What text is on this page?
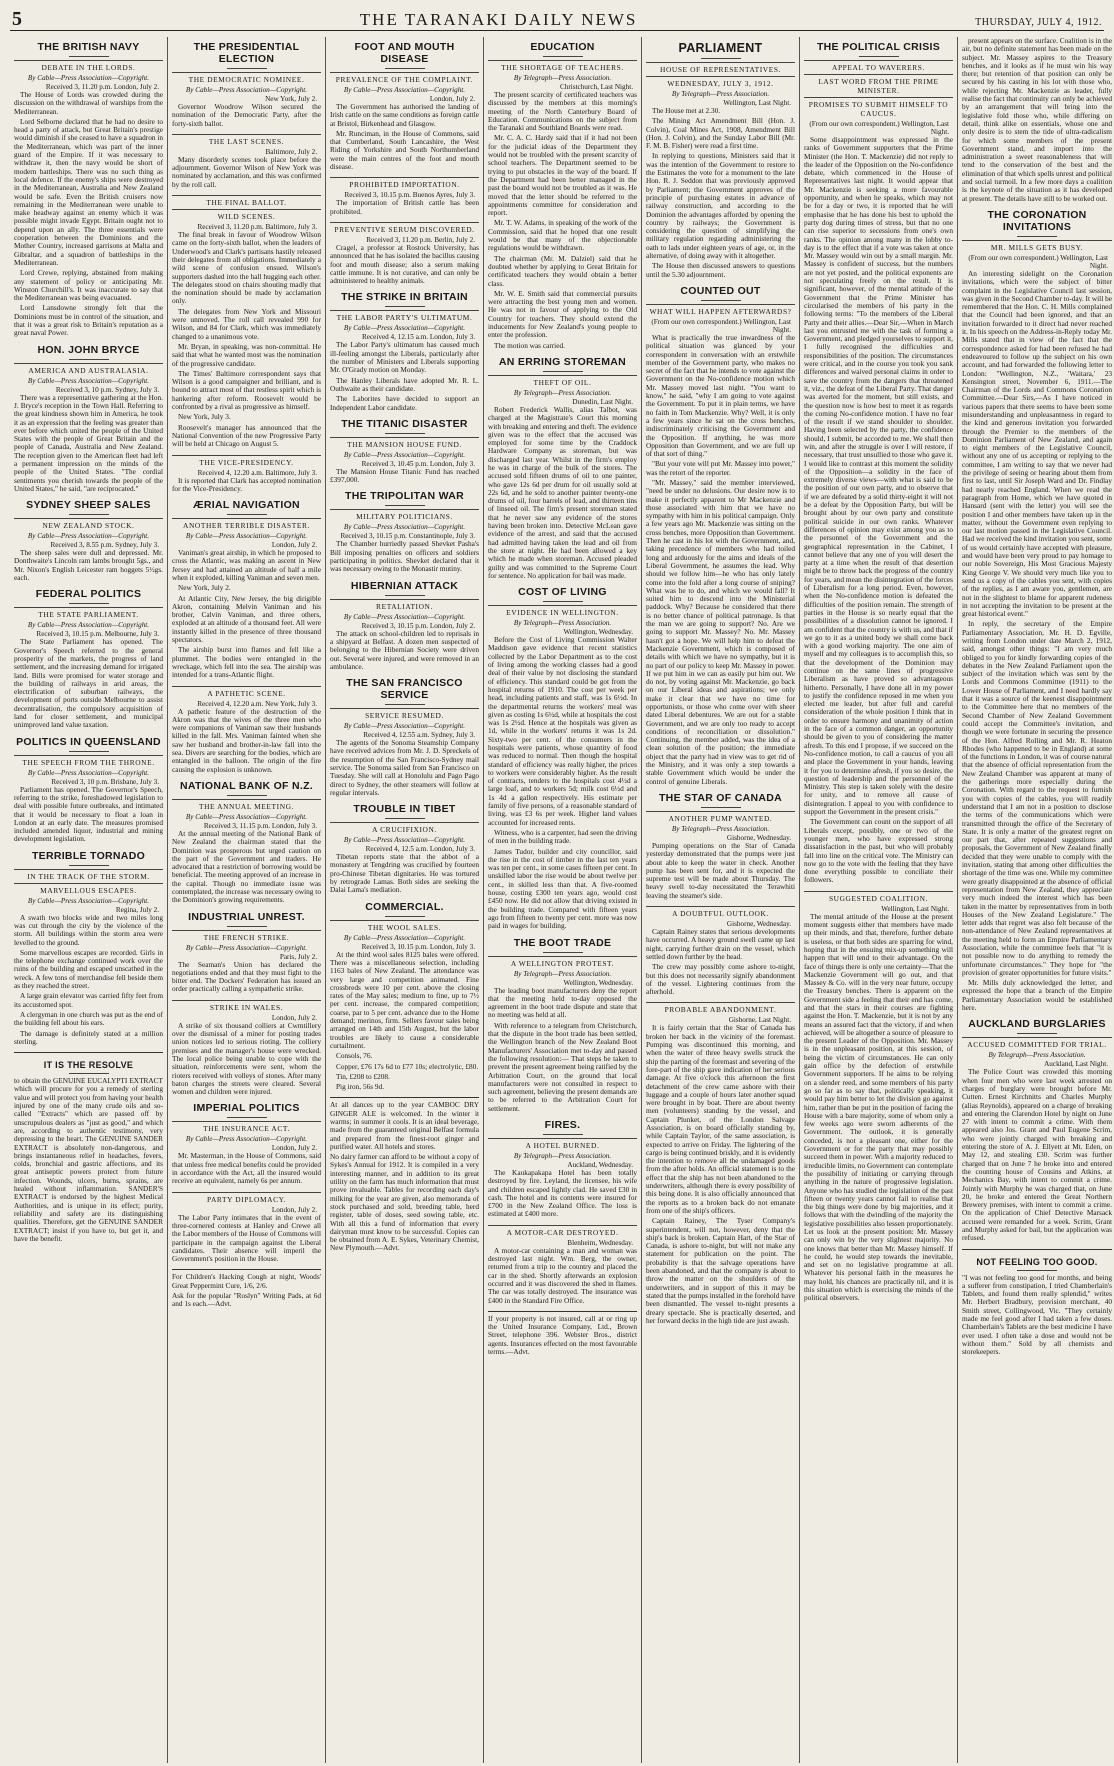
5	THE TARANAKI DAILY NEWS	THURSDAY, JULY 4, 1912.
THE BRITISH NAVY
DEBATE IN THE LORDS.
By Cable—Press Association—Copyright.
Received 3, 11.20 p.m. London, July 2.

The House of Lords was crowded during the discussion on the withdrawal of warships from the Mediterranean.

Lord Selborne declared that he had no desire to head a party of attack, but Great Britain's prestige would diminish if she ceased to have a squadron in the Mediterranean, which was part of the inner guard of the Empire. If it was necessary to withdraw it, then the navy would be short of modern battleships. There was no such thing as local defence. If the enemy's ships were destroyed in the Mediterranean, Australia and New Zealand would be safe. Even the British cruisers now remaining in the Mediterranean were unable to make headway against an enemy which it was possible might invade Egypt. Britain ought not to depend upon an ally. The three essentials were cooperation between the Dominions and the Mother Country, increased garrisons at Malta and Gibraltar, and a squadron of battleships in the Mediterranean.

Lord Crewe, replying, abstained from making any statement of policy or anticipating Mr. Winston Churchill's. It was inaccurate to say that the Mediterranean was being evacuated.

Lord Lansdowne strongly felt that the Dominions must be in control of the situation, and that it was a great risk to Britain's reputation as a great naval Power.

HON. JOHN BRYCE
AMERICA AND AUSTRALASIA.
By Cable—Press Association—Copyright.
Received 3, 10 p.m. Sydney, July 3.

There was a representative gathering at the Hon. J. Bryce's reception in the Town Hall. Referring to the great kindness shown him in America, he took it as an expression that the feeling was greater than ever before which united the people of the United States with the people of Great Britain and the people of Canada, Australia and New Zealand. The reception given to the American fleet had left a permanent impression on the minds of the people of the United States. "The cordial sentiments you cherish towards the people of the United States," he said, "are reciprocated."

SYDNEY SHEEP SALES
NEW ZEALAND STOCK.
By Cable—Press Association—Copyright.
Received 3, 8.55 p.m. Sydney, July 3.

The sheep sales were dull and depressed. Mr. Donthwaite's Lincoln ram lambs brought 5gs., and Mr. Nixon's English Leicester ram hoggets 5½gs. each.

FEDERAL POLITICS
THE STATE PARLIAMENT.
By Cable—Press Association—Copyright.
Received 3, 10.15 p.m. Melbourne, July 3.

The State Parliament has opened. The Governor's Speech referred to the general prosperity of the markets, the progress of land settlement, and the increasing demand for irrigated land. Bills were promised for water storage and the building of railways in arid areas, the electrification of suburban railways, the development of ports outside Melbourne to assist decentralisation, the compulsory acquisition of land for closer settlement, and municipal unimproved land value taxation.

POLITICS IN QUEENSLAND
THE SPEECH FROM THE THRONE.
By Cable—Press Association—Copyright.
Received 3, 10 p.m. Brisbane, July 3.

Parliament has opened. The Governor's Speech, referring to the strike, foreshadowed legislation to deal with possible future outbreaks, and intimated that it would be necessary to float a loan in London at an early date. The measures promised included amended liquor, industrial and mining development legislation.

TERRIBLE TORNADO
IN THE TRACK OF THE STORM.
MARVELLOUS ESCAPES.
By Cable—Press Association—Copyright.
Regina, July 2.

A swath two blocks wide and two miles long was cut through the city by the violence of the storm. All buildings within the storm area were levelled to the ground.

Some marvellous escapes are recorded. Girls in the telephone exchange continued work over the ruins of the building and escaped unscathed in the wreck. A few tons of merchandise fell beside them as they reached the street.

A large grain elevator was carried fifty feet from its accustomed spot.

A clergyman in one church was put as the end of the building fell about his ears.

The damage is definitely stated at a million sterling.

IT IS THE RESOLVE

to obtain the GENUINE EUCALYPTI EXTRACT which will procure for you a remedy of sterling value and will protect you from having your health injured by one of the many crude oils and so-called "Extracts" which are passed off by unscrupulous dealers as "just as good," and which are, according to authentic testimony, very depressing to the heart. The GENUINE SANDER EXTRACT is absolutely non-dangerous, and brings instantaneous relief in headaches, fevers, colds, bronchial and gastric affections, and its great antiseptic powers protect from future infection. Wounds, ulcers, burns, sprains, are healed without inflammation. SANDER'S EXTRACT is endorsed by the highest Medical Authorities, and is unique in its effect; purity, reliability and safety are its distinguishing qualities. Therefore, get the GENUINE SANDER EXTRACT; insist if you have to, but get it, and have the benefit.

THE PRESIDENTIAL ELECTION
THE DEMOCRATIC NOMINEE.
By Cable—Press Association—Copyright.
New York, July 2.

Governor Woodrow Wilson secured the nomination of the Democratic Party, after the forty-sixth ballot.

THE LAST SCENES.
Baltimore, July 2.

Many disorderly scenes took place before the adjournment. Governor Wilson of New York was nominated by acclamation, and this was confirmed by the roll call.

THE FINAL BALLOT.
WILD SCENES.
Received 3, 11.20 p.m. Baltimore, July 3.

The final break in favour of Woodrow Wilson came on the forty-sixth ballot, when the leaders of Underwood's and Clark's partisans hastily released their delegates from all obligations. Immediately a wild scene of confusion ensued. Wilson's supporters dashed into the hall hugging each other. The delegates stood on chairs shouting madly that the nomination should be made by acclamation only.

The delegates from New York and Missouri were unmoved. The roll call revealed 990 for Wilson, and 84 for Clark, which was immediately changed to a unanimous vote.

Mr. Bryan, in speaking, was non-committal. He said that what he wanted most was the nomination of the progressive candidate.

The Times' Baltimore correspondent says that Wilson is a good campaigner and brilliant, and is bound to attract most of that restless spirit which is hankering after reform. Roosevelt would be confronted by a rival as progressive as himself.

New York, July 3.

Roosevelt's manager has announced that the National Convention of the new Progressive Party will be held at Chicago on August 5.

THE VICE-PRESIDENCY.
Received 4, 12.20 a.m. Baltimore, July 3.

It is reported that Clark has accepted nomination for the Vice-Presidency.

ÆRIAL NAVIGATION
ANOTHER TERRIBLE DISASTER.
By Cable—Press Association—Copyright.
London, July 2.

Vaniman's great airship, in which he proposed to cross the Atlantic, was making an ascent in New Jersey and had attained an altitude of half a mile when it exploded, killing Vaniman and seven men.

New York, July 2.

At Atlantic City, New Jersey, the big dirigible Akron, containing Melvin Vaniman and his brother, Calvin Vaniman, and three others, exploded at an altitude of a thousand feet. All were instantly killed in the presence of three thousand spectators.

The airship burst into flames and fell like a plummet. The bodies were entangled in the wreckage, which fell into the sea. The airship was intended for a trans-Atlantic flight.

A PATHETIC SCENE.
Received 4, 12.20 a.m. New York, July 3.

A pathetic feature of the destruction of the Akron was that the wives of the three men who were companions of Vaniman saw their husbands killed in the fall. Mrs. Vaniman fainted when she saw her husband and brother-in-law fall into the sea. Divers are searching for the bodies, which are entangled in the balloon. The origin of the fire causing the explosion is unknown.

NATIONAL BANK OF N.Z.
THE ANNUAL MEETING.
By Cable—Press Association—Copyright.
Received 3, 11.15 p.m. London, July 3.

At the annual meeting of the National Bank of New Zealand the chairman stated that the Dominion was prosperous but urged caution on the part of the Government and traders. He advocated that a restriction of borrowing would be beneficial. The meeting approved of an increase in the capital. Though no immediate issue was contemplated, the increase was necessary owing to the Dominion's growing requirements.

INDUSTRIAL UNREST.
THE FRENCH STRIKE.
By Cable—Press Association—Copyright.
Paris, July 2.

The Seaman's Union has declared the negotiations ended and that they must fight to the bitter end. The Dockers' Federation has issued an order practically calling a sympathetic strike.

STRIKE IN WALES.
London, July 2.

A strike of six thousand colliers at Cwmtillery over the dismissal of a miner for posting trades union notices led to serious rioting. The colliery premises and the manager's house were wrecked. The local police being unable to cope with the situation, reinforcements were sent, whom the rioters received with volleys of stones. After many baton charges the streets were cleared. Several women and children were injured.

IMPERIAL POLITICS
THE INSURANCE ACT.
By Cable—Press Association—Copyright.
London, July 2.

Mr. Masterman, in the House of Commons, said that unless free medical benefits could be provided in accordance with the Act, all the insured would receive an equivalent, namely 6s per annum.

PARTY DIPLOMACY.
London, July 2.

The Labor Party intimates that in the event of three-cornered contests at Hanley and Crewe all the Labor members of the House of Commons will participate in the campaign against the Liberal candidates. Their absence will imperil the Government's position in the House.

For Children's Hacking Cough at night, Woods' Great Peppermint Cure, 1/6, 2/6.

Ask for the popular "Roslyn" Writing Pads, at 6d and 1s each.—Advt.

FOOT AND MOUTH DISEASE
PREVALENCE OF THE COMPLAINT.
By Cable—Press Association—Copyright.
London, July 2.

The Government has authorised the landing of Irish cattle on the same conditions as foreign cattle at Bristol, Birkenhead and Glasgow.

Mr. Runciman, in the House of Commons, said that Cumberland, South Lancashire, the West Riding of Yorkshire and South Northumberland were the main centres of the foot and mouth disease.

PROHIBITED IMPORTATION.
Received 3, 10.15 p.m. Buenos Ayres, July 3.

The importation of British cattle has been prohibited.

PREVENTIVE SERUM DISCOVERED.
Received 3, 11.20 p.m. Berlin, July 2.

Cragel, a professor at Rostock University, has announced that he has isolated the bacillus causing foot and mouth disease; also a serum making cattle immune. It is not curative, and can only be administered to healthy animals.

THE STRIKE IN BRITAIN
THE LABOR PARTY'S ULTIMATUM.
By Cable—Press Association—Copyright.
Received 4, 12.15 a.m. London, July 3.

The Labor Party's ultimatum has caused much ill-feeling amongst the Liberals, particularly after the number of Ministers and Liberals supporting Mr. O'Grady motion on Monday.

The Hanley Liberals have adopted Mr. R. L. Outhwaite as their candidate.

The Laborites have decided to support an Independent Labor candidate.

THE TITANIC DISASTER
THE MANSION HOUSE FUND.
By Cable—Press Association—Copyright.
Received 3, 10.45 p.m. London, July 3.

The Mansion House Titanic Fund has reached £397,000.

THE TRIPOLITAN WAR
MILITARY POLITICIANS.
By Cable—Press Association—Copyright.
Received 3, 10.15 p.m. Constantinople, July 3.

The Chamber hurriedly passed Shevket Pasha's Bill imposing penalties on officers and soldiers participating in politics. Shevket declared that it was necessary owing to the Monastir mutiny.

HIBERNIAN ATTACK
RETALIATION.
By Cable—Press Association—Copyright.
Received 3, 10.15 p.m. London, July 2.

The attack on school-children led to reprisals in a shipyard at Belfast. A dozen men suspected of belonging to the Hibernian Society were driven out. Several were injured, and were removed in an ambulance.

THE SAN FRANCISCO SERVICE
SERVICE RESUMED.
By Cable—Press Association—Copyright.
Received 4, 12.55 a.m. Sydney, July 3.

The agents of the Sonoma Steamship Company have received advices from Mr. J. D. Spreckels of the resumption of the San Francisco-Sydney mail service. The Sonoma sailed from San Francisco on Tuesday. She will call at Honolulu and Pago Pago direct to Sydney, the other steamers will follow at regular intervals.

TROUBLE IN TIBET
A CRUCIFIXION.
By Cable—Press Association—Copyright.
Received 4, 12.5 a.m. London, July 3.

Tibetan reports state that the abbot of a monastery at Tengdring was crucified by fourteen pro-Chinese Tibetan dignitaries. He was tortured by retrograde Lamas. Both sides are seeking the Dalai Lama's mediation.

COMMERCIAL.
THE WOOL SALES.
By Cable—Press Association—Copyright.
Received 3, 10.15 p.m. London, July 3.

At the third wool sales 8125 bales were offered. There was a miscellaneous selection, including 1163 bales of New Zealand. The attendance was very large and competition animated. Fine crossbreds were 10 per cent. above the closing rates of the May sales; medium to fine, up to 7½ per cent. increase, the compared competition; coarse, par to 5 per cent. advance due to the Home demand; merinos, firm. Sellers favour sales being arranged on 14th and 15th August, but the labor troubles are likely to cause a considerable curtailment.

Consols, 76.

Copper, £76 17s 6d to £77 10s; electrolytic, £80.

Tin, £208 to £208.

Pig iron, 56s 9d.

At all dances up to the year CAMBOC DRY GINGER ALE is welcomed. In the winter it warms; in summer it cools. It is an ideal beverage, made from the guaranteed original Belfast formula and prepared from the finest-root ginger and purified water. All hotels and stores.

No dairy farmer can afford to be without a copy of Sykes's Annual for 1912. It is compiled in a very interesting manner, and in addition to its great utility on the farm has much information that must prove invaluable. Tables for recording each day's milking for the year are given, also memoranda of stock purchased and sold, breeding table, herd register, table of doses, seed sowing table, etc. With all this a fund of information that every dairyman must know to be successful. Copies can be obtained from A. E. Sykes, Veterinary Chemist, New Plymouth.—Advt.

EDUCATION
THE SHORTAGE OF TEACHERS.
By Telegraph—Press Association.
Christchurch, Last Night.

The present scarcity of certificated teachers was discussed by the members at this morning's meeting of the North Canterbury Board of Education. Communications on the subject from the Taranaki and Southland Boards were read.

Mr. C. A. C. Hardy said that if it had not been for the judicial ideas of the Department they would not be troubled with the present scarcity of school teachers. The Department seemed to be trying to put obstacles in the way of the board. If the Department had been better managed in the past the board would not be troubled as it was. He moved that the letter should be referred to the appointments committee for consideration and report.

Mr. T. W. Adams, in speaking of the work of the Commission, said that he hoped that one result would be that many of the objectionable regulations would be withdrawn.

The chairman (Mr. M. Dalziel) said that he doubted whether by applying to Great Britain for certificated teachers they would obtain a better class.

Mr. W. E. Smith said that commercial pursuits were attracting the best young men and women. He was not in favour of applying to the Old Country for teachers. They should extend the inducements for New Zealand's young people to enter the profession.

The motion was carried.

AN ERRING STOREMAN
THEFT OF OIL.
By Telegraph—Press Association.
Dunedin, Last Night.

Robert Frederick Wallis, alias Talbot, was charged at the Magistrate's Court this morning with breaking and entering and theft. The evidence given was to the effect that the accused was employed for some time by the Craddock Hardware Company as storeman, but was discharged last year. Whilst in the firm's employ he was in charge of the bulk of the stores. The accused sold fifteen drums of oil to one painter, who gave 12s 6d per drum for oil usually sold at 22s 6d, and he sold to another painter twenty-one drums of oil, four barrels of lead, and thirteen tins of linseed oil. The firm's present storeman stated that he never saw any evidence of the stores having been broken into. Detective McLean gave evidence of the arrest, and said that the accused had admitted having taken the lead and oil from the store at night. He had been allowed a key which he made when storeman. Accused pleaded guilty and was committed to the Supreme Court for sentence. No application for bail was made.

COST OF LIVING
EVIDENCE IN WELLINGTON.
By Telegraph—Press Association.
Wellington, Wednesday.

Before the Cost of Living Commission Walter Maddison gave evidence that recent statistics collected by the Labor Department as to the cost of living among the working classes had a good deal of their value by not disclosing the standard of efficiency. This standard could be got from the hospital returns of 1910. The cost per week per head, including patients and staff, was 1s 6½d. In the departmental returns the workers' meal was given as costing 1s 6½d, while at hospitals the cost was 1s 2½d. Hence at the hospitals was given as 1d, while in the workers' returns it was 1s 2d. Sixty-two per cent. of the consumers in the hospitals were patients, whose quantity of food was reduced to normal. Then though the hospital standard of efficiency was really higher, the prices to workers were considerably higher. As the result of contracts, tenders to the hospitals cost 4½d a large loaf, and to workers 5d; milk cost 6½d and 1s 4d a gallon respectively. His estimate per family of five persons, of a reasonable standard of living, was £3 6s per week. Higher land values accounted for increased rents.

Witness, who is a carpenter, had seen the driving of men in the building trade.

James Tudor, builder and city councillor, said the rise in the cost of timber in the last ten years was ten per cent., in some cases fifteen per cent. In unskilled labor the rise would be about twelve per cent., in skilled less than that. A five-roomed house, costing £300 ten years ago, would cost £450 now. He did not allow that driving existed in the building trade. Compared with fifteen years ago from fifteen to twenty per cent. more was now paid in wages for building.

THE BOOT TRADE
A WELLINGTON PROTEST.
By Telegraph—Press Association.
Wellington, Wednesday.

The leading boot manufacturers deny the report that the meeting held to-day opposed the agreement in the boot trade dispute and state that no meeting was held at all.

With reference to a telegram from Christchurch, that the dispute in the boot trade has been settled, the Wellington branch of the New Zealand Boot Manufacturers' Association met to-day and passed the following resolution:— That steps be taken to prevent the present agreement being ratified by the Arbitration Court, on the ground that local manufacturers were not consulted in respect to such agreement, believing the present demands are to be referred to the Arbitration Court for settlement.

FIRES.
A HOTEL BURNED.
By Telegraph—Press Association.
Auckland, Wednesday.

The Kaukapakapa Hotel has been totally destroyed by fire. Leyland, the licensee, his wife and children escaped lightly clad. He saved £30 in cash. The hotel and its contents were insured for £700 in the New Zealand Office. The loss is estimated at £400 more.

A MOTOR-CAR DESTROYED.
Blenheim, Wednesday.

A motor-car containing a man and woman was destroyed last night. Wm. Berg, the owner, returned from a trip to the country and placed the car in the shed. Shortly afterwards an explosion occurred and it was discovered the shed in flames. The car was totally destroyed. The insurance was £400 in the Standard Fire Office.

If your property is not insured, call at or ring up the United Insurance Company, Ltd., Brown Street, telephone 396. Webster Bros., district agents. Insurances effected on the most favourable terms.—Advt.

PARLIAMENT
HOUSE OF REPRESENTATIVES.
WEDNESDAY, JULY 3, 1912.
By Telegraph—Press Association.
Wellington, Last Night.

The House met at 2.30.

The Mining Act Amendment Bill (Hon. J. Colvin), Coal Mines Act, 1908, Amendment Bill (Hon. J. Colvin), and the Sunday Labor Bill (Mr. F. M. B. Fisher) were read a first time.

In replying to questions, Ministers said that it was the intention of the Government to restore to the Estimates the vote for a monument to the late Hon. R. J. Seddon that was previously approved by Parliament; the Government approves of the principle of purchasing estates in advance of railway construction, and according to the Dominion the advantages afforded by opening the country by railways; the Government is considering the question of simplifying the military regulation regarding administering the oath to lads under eighteen years of age, or, in the alternative, of doing away with it altogether.

The House then discussed answers to questions until the 5.30 adjournment.

COUNTED OUT
WHAT WILL HAPPEN AFTERWARDS?
(From our own correspondent.) Wellington, Last Night.

What is practically the true inwardness of the political situation was glanced by your correspondent in conversation with an erstwhile member of the Government party, who makes no secret of the fact that he intends to vote against the Government on the No-confidence motion which Mr. Massey moved last night. "You want to know," he said, "why I am going to vote against the Government. To put it in plain terms, we have no faith in Tom Mackenzie. Why? Well, it is only a few years since he sat on the cross benches, indiscriminately criticising the Government and the Opposition. If anything, he was more Opposition than Government, and we are full up of that sort of thing."

"But your vote will put Mr. Massey into power," was the retort of the reporter.

"Mr. Massey," said the member interviewed, "need be under no delusions. Our desire now is to make it perfectly apparent to Mr Mackenzie and those associated with him that we have no sympathy with him in his political campaign. Only a few years ago Mr. Mackenzie was sitting on the cross benches, more Opposition than Government. Then he cast in his lot with the Government, and, taking precedence of members who had toiled long and arduously for the aims and ideals of the Liberal Government, he assumes the lead. Why should we follow him—he who has only lately come into the fold after a long course of sniping? What was he to do, and which we would fall? It suited him to descend into the Ministerial paddock. Why? Because he considered that there is no better chance of political patronage. Is that the man we are going to support? No. Are we going to support Mr. Massey? No. Mr. Massey hasn't got a hope. We will help him to defeat the Mackenzie Government, which is composed of details with which we have no sympathy, but it is no part of our policy to keep Mr. Massey in power. If we put him in we can as easily put him out. We do not, by voting against Mr. Mackenzie, go back on our Liberal ideas and aspirations; we only make it clear that we have no time for opportunists, or those who come over with sheer dated Liberal debentures. We are out for a stable Government, and we are only too ready to accept conditions of reconciliation or dissolution." Continuing, the member added, was the idea of a clean solution of the position; the immediate object that the party had in view was to get rid of the Ministry, and it was only a step towards a stable Government which would be under the control of genuine Liberals.

THE STAR OF CANADA
ANOTHER PUMP WANTED.
By Telegraph—Press Association.
Gisborne, Wednesday.

Pumping operations on the Star of Canada yesterday demonstrated that the pumps were just about able to keep the water in check. Another pump has been sent for, and it is expected the supreme test will be made about Thursday. The heavy swell to-day necessitated the Terawhiti leaving the steamer's side.

A DOUBTFUL OUTLOOK.
Gisborne, Wednesday.

Captain Rainey states that serious developments have occurred. A heavy ground swell came up last night, carrying further drain on the vessel, which settled down further by the head.

The crew may possibly come ashore to-night, but this does not necessarily signify abandonment of the vessel. Lightering continues from the afterhold.

PROBABLE ABANDONMENT.
Gisborne, Last Night.

It is fairly certain that the Star of Canada has broken her back in the vicinity of the foremast. Pumping was discontinued this morning, and when the water of three heavy swells struck the ship the parting of the foremast and severing of the fore-part of the ship gave indication of her serious damage. At five o'clock this afternoon the first detachment of the crew came ashore with their luggage and a couple of hours later another squad were brought in by boat. There are about twenty men (volunteers) standing by the vessel, and Captain Plunket, of the London Salvage Association, is on board officially standing by, while Captain Taylor, of the same association, is expected to arrive on Friday. The lightering of the cargo is being continued briskly, and it is evidently the intention to remove all the undamaged goods from the after holds. An official statement is to the effect that the ship has not been abandoned to the underwriters, although there is every possibility of this being done. It is also officially announced that the reports as to a broken back do not emanate from one of the ship's officers.

Captain Rainey, The Tyser Company's superintendent, will not, however, deny that the ship's back is broken. Captain Hart, of the Star of Canada, is ashore to-night, but will not make any statement for publication on the point. The probability is that the salvage operations have been abandoned, and that the company is about to throw the matter on the shoulders of the underwriters, and in support of this it may be stated that the pumps installed in the forehold have been dismantled. The vessel to-night presents a dreary spectacle. She is practically deserted, and her forward decks in the high tide are just awash.

THE POLITICAL CRISIS
APPEAL TO WAVERERS.
LAST WORD FROM THE PRIME MINISTER.
PROMISES TO SUBMIT HIMSELF TO CAUCUS.
(From our own correspondent.) Wellington, Last Night.

Some disappointment was expressed in the ranks of Government supporters that the Prime Minister (the Hon. T. Mackenzie) did not reply to the leader of the Opposition on the No-confidence debate, which commenced in the House of Representatives last night. It would appear that Mr. Mackenzie is seeking a more favourable opportunity, and when he speaks, which may not be for a day or two, it is reported that he will emphasise that he has done his best to uphold the party dog during times of stress, but that no one can rise superior to secessions from one's own ranks. The opinion among many in the lobby to-day is to the effect that if a vote was taken at once Mr. Massey would win out by a small margin. Mr. Massey is confident of success, but the numbers are not yet posted, and the political exponents are not speculating freely on the result. It is significant, however, of the mental attitude of the Government that the Prime Minister has circularised the members of his party in the following terms: "To the members of the Liberal Party and their allies.—Dear Sir,—When in March last you entrusted me with the task of forming a Government, and pledged yourselves to support it, I fully recognised the difficulties and responsibilities of the position. The circumstances were critical, and in the course you took you sank differences and waived personal claims in order to save the country from the dangers that threatened it, viz., the defeat of the Liberal Party. That danger was averted for the moment, but still exists, and the question now is how best to meet it as regards the coming No-confidence motion. I have no fear of the result if we stand shoulder to shoulder. Having been selected by the party, the confidence should, I submit, be accorded to me. We shall then win, and after the struggle is over I will restore, if necessary, that trust unsullied to those who gave it. I would like to contrast at this moment the solidity of the Opposition—a solidity in the face of extremely diverse views—with what is said to be the position of our own party, and to observe that if we are defeated by a solid thirty-eight it will not be a defeat by the Opposition Party, but will be brought about by our own party and constitute political suicide in our own ranks. Whatever differences of opinion may exist among you as to the personnel of the Government and the geographical representation in the Cabinet, I cannot believe that any one of you will desert the party at a time when the result of that desertion might be to throw back the progress of the country for years, and mean the disintegration of the forces of Liberalism for a long period. Even, however, when the No-confidence motion is defeated the difficulties of the position remain. The strength of parties in the House is so nearly equal that the possibilities of a dissolution cannot be ignored. I am confident that the country is with us, and that if we go to it as a united body we shall come back with a good working majority. The one aim of myself and my colleagues is to accomplish this, so that the development of the Dominion may continue on the same lines of progressive Liberalism as have proved so advantageous hitherto. Personally, I have done all in my power to justify the confidence reposed in me when you elected me leader, but after full and careful consideration of the whole position I think that in order to ensure harmony and unanimity of action in the face of a common danger, an opportunity should be given to you of considering the matter afresh. To this end I propose, if we succeed on the No-confidence motion, to call a caucus of you all and place the Government in your hands, leaving it for you to determine afresh, if you so desire, the question of leadership and the personnel of the Ministry. This step is taken solely with the desire for unity, and to remove all cause of disintegration. I appeal to you with confidence to support the Government in the present crisis."

The Government can count on the support of all Liberals except, possibly, one or two of the younger men, who have expressed strong dissatisfaction in the past, but who will probably fall into line on the critical vote. The Ministry can now go to the vote with the feeling that they have done everything possible to conciliate their followers.

SUGGESTED COALITION.
Wellington, Last Night.

The mental attitude of the House at the present moment suggests either that members have made up their minds, and that, therefore, further debate is useless, or that both sides are sparring for wind, hoping that in the ensuing mix-up something will happen that will tend to their advantage. On the face of things there is only one certainty—That the Mackenzie Government will go out, and that Massey & Co. will in the very near future, occupy the Treasury benches. There is apparent on the Government side a feeling that their end has come, and that the stars in their courses are fighting against the Hon. T. Mackenzie, but it is not by any means an assured fact that the victory, if and when achieved, will be altogether a source of pleasure to the present Leader of the Opposition. Mr. Massey is in the unpleasant position, at this session, of being the victim of circumstances. He can only gain office by the defection of erstwhile Government supporters. If he aims to be relying on a slender reed, and some members of his party go so far as to say that, politically speaking, it would pay him better to let the division go against him, rather than be put in the position of facing the House with a bare majority, some of whom only a few weeks ago were sworn adherents of the Government. The outlook, it is generally conceded, is not a pleasant one, either for the Government or for the party that may possibly succeed them in power. With a majority reduced to irreducible limits, no Government can contemplate the possibility of initiating or carrying through anything in the nature of progressive legislation. Anyone who has studied the legislation of the past fifteen or twenty years cannot fail to realise that the big things were done by big majorities, and it follows that with the dwindling of the majority the legislative possibilities also lessen proportionately. Let us look at the present position: Mr. Massey can only win by the very slightest majority. No one knows that better than Mr. Massey himself. If he could, he would step towards the inevitable, and set on no legislative programme at all. Whatever his personal faith in the measures he may hold, his chances are practically nil, and it is this situation which is exercising the minds of the political observers.

present appears on the surface. Coalition is in the air, but no definite statement has been made on the subject. Mr. Massey aspires to the Treasury benches, and it looks as if he must win his way there; but retention of that position can only be secured by his casting in his lot with those who, while rejecting Mr. Mackenzie as leader, fully realise the fact that continuity can only be achieved by an arrangement that will bring into the legislative fold those who, while differing on detail, think alike on essentials, whose one and only desire is to stem the tide of ultra-radicalism for which some members of the present Government stand, and import into the administration a sweet reasonableness that will tend to the conservation of the best and the elimination of that which spells unrest and political and social turmoil. In a few more days a coalition is the keynote of the situation as it has developed at present. The details have still to be worked out.

THE CORONATION INVITATIONS
MR. MILLS GETS BUSY.
(From our own correspondent.) Wellington, Last Night.

An interesting sidelight on the Coronation invitations, which were the subject of bitter complaint in the Legislative Council last session, was given in the Second Chamber to-day. It will be remembered that the Hon. C. H. Mills complained that the Council had been ignored, and that an invitation forwarded to it direct had never reached it. In his speech on the Address-in-Reply today Mr. Mills stated that in view of the fact that the correspondence asked for had been refused he had endeavoured to follow up the subject on his own account, and had forwarded the following letter to London: "Wellington, N.Z., 'Waitara,' 23 Kensington street, November 6, 1911.—The Chairman of the Lords and Commons Coronation Committee.—Dear Sirs,—As I have noticed in various papers that there seems to have been some misunderstanding and unpleasantness in regard to the kind and generous invitation you forwarded through the Premier to the members of the Dominion Parliament of New Zealand, and again to eight members of the Legislative Council, without any one of us accepting or replying to the committee, I am writing to say that we never had the privilege of seeing or hearing about them from first to last, until Sir Joseph Ward and Dr. Findlay had nearly reached England. When we read the paragraph from Home, which we have quoted in Hansard (sent with the letter) you will see the position I and other members have taken up in the matter, without the Government even replying to our last motion passed in the Legislative Council. Had we received the kind invitation you sent, some of us would certainly have accepted with pleasure, and would have been very proud to pay homage to our noble Sovereign, His Most Gracious Majesty King George V. We should very much like you to send us a copy of the cables you sent, with copies of the replies, as I am aware you, gentlemen, are not in the slightest to blame for apparent rudeness in not accepting the invitation to be present at the great historical event."

In reply, the secretary of the Empire Parliamentary Association, Mr. H. D. Egville, writing from London under date March 2, 1912, said, amongst other things: "I am very much obliged to you for kindly forwarding copies of the debates in the New Zealand Parliament upon the subject of the invitation which was sent by the Lords and Commons Committee (1911) to the Lower House of Parliament, and I need hardly say that it was a source of the keenest disappointment to the Committee here that no members of the Second Chamber of New Zealand Government could accept the Committee's invitation, and though we were fortunate in securing the presence of the Hon. Alfred Rolling and Mr. R. Heaton Rhodes (who happened to be in England) at some of the functions in London, it was of course natural that the absence of official representation from the New Zealand Chamber was apparent at many of the gatherings more especially during the Coronation. With regard to the request to furnish you with copies of the cables, you will readily understand that I am not in a position to disclose the terms of the communications which were transmitted through the office of the Secretary of State. It is only a matter of the greatest regret on our part that, after repeated suggestions and proposals, the Government of New Zealand finally decided that they were unable to comply with the invitation, stating that among other difficulties the shortage of the time was one. While my committee were greatly disappointed at the absence of official representation from New Zealand, they appreciate very much indeed the interest which has been taken in the matter by representatives from in both Houses of the New Zealand Legislature." The letter adds that regret was also felt because of the non-attendance of New Zealand representatives at the meeting held to form an Empire Parliamentary Association, while the committee feels that "it is not possible now to do anything to remedy the unfortunate circumstances." They hope for "the provision of greater opportunities for future visits."

Mr. Mills duly acknowledged the letter, and expressed the hope that a branch of the Empire Parliamentary Association would be established here.

AUCKLAND BURGLARIES
ACCUSED COMMITTED FOR TRIAL.
By Telegraph—Press Association.
Auckland, Last Night.

The Police Court was crowded this morning when four men who were last week arrested on charges of burglary were brought before Mr. Cutten. Ernest Kirchnitts and Charles Murphy (alias Reynolds), appeared on a charge of breaking and entering the Clarendon Hotel by night on June 27 with intent to commit a crime. With them appeared also Jos. Grant and Paul Eugene Scrim, who were jointly charged with breaking and entering the store of A. J. Ellyett at Mt. Eden, on May 12, and stealing £30. Scrim was further charged that on June 7 he broke into and entered the counting house of Cousins and Atkins, at Mechanics Bay, with intent to commit a crime. Jointly with Murphy he was charged that, on June 20, he broke and entered the Great Northern Brewery premises, with intent to commit a crime. On the application of Chief Detective Marsack accused were remanded for a week. Scrim, Grant and Murphy asked for bail, but the application was refused.

NOT FEELING TOO GOOD.

"I was not feeling too good for months, and being a sufferer from constipation, I tried Chamberlain's Tablets, and found them really splendid," writes Mr. Herbert Bradbury, provision merchant, 40 Smith street, Collingwood, Vic. "They certainly made me feel good after I had taken a few doses. Chamberlain's Tablets are the best medicine I have ever used. I often take a dose and would not be without them." Sold by all chemists and storekeepers.
